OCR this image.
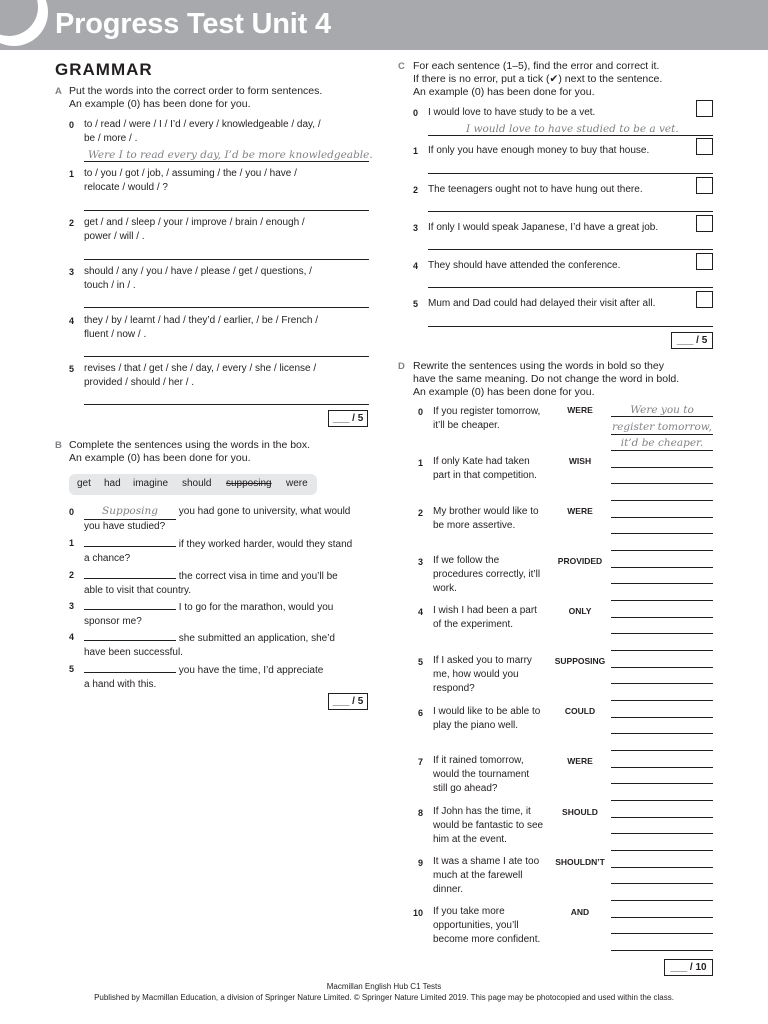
Progress Test Unit 4
GRAMMAR
A Put the words into the correct order to form sentences.
An example (0) has been done for you.
0 to / read / were / I / I’d / every / knowledgeable / day, /
be / more / .
Were I to read every day, I’d be more knowledgeable.
1 to / you / got / job, / assuming / the / you / have /
relocate / would / ?
2 get / and / sleep / your / improve / brain / enough /
power / will / .
3 should / any / you / have / please / get / questions, /
touch / in / .
4 they / by / learnt / had / they’d / earlier, / be / French /
fluent / now / .
5 revises / that / get / she / day, / every / she / license /
provided / should / her / .
___ / 5
B Complete the sentences using the words in the box.
An example (0) has been done for you.
get had imagine should supposing were
0	Supposing you had gone to university, what would
you have studied?
1	if they worked harder, would they stand
a chance?
2	the correct visa in time and you’ll be
able to visit that country.
3	I to go for the marathon, would you
sponsor me?
4	she submitted an application, she’d
have been successful.
5	you have the time, I’d appreciate
a hand with this.
___ / 5
C For each sentence (1–5), find the error and correct it.
If there is no error, put a tick (✔) next to the sentence.
An example (0) has been done for you.
0 I would love to have study to be a vet.
I would love to have studied to be a vet.
1 If only you have enough money to buy that house.
2 The teenagers ought not to have hung out there.
3 If only I would speak Japanese, I’d have a great job.
4 They should have attended the conference.
5 Mum and Dad could had delayed their visit after all.
___ / 5
D Rewrite the sentences using the words in bold so they
have the same meaning. Do not change the word in bold.
An example (0) has been done for you.
0 If you register tomorrow,
it’ll be cheaper.
WERE	Were you to
register tomorrow,
it’d be cheaper.
1 If only Kate had taken
part in that competition.
WISH
2 My brother would like to
be more assertive.
WERE
3 If we follow the
procedures correctly, it’ll
work.
PROVIDED
4 I wish I had been a part
of the experiment.
ONLY
5 If I asked you to marry
me, how would you
respond?
SUPPOSING
6 I would like to be able to
play the piano well.
COULD
7 If it rained tomorrow,
would the tournament
still go ahead?
WERE
8 If John has the time, it
would be fantastic to see
him at the event.
SHOULD
9 It was a shame I ate too
much at the farewell
dinner.
SHOULDN’T
10 If you take more
opportunities, you’ll
become more confident.
AND
___ / 10
Macmillan English Hub C1 Tests
Published by Macmillan Education, a division of Springer Nature Limited. © Springer Nature Limited 2019. This page may be photocopied and used within the class.
